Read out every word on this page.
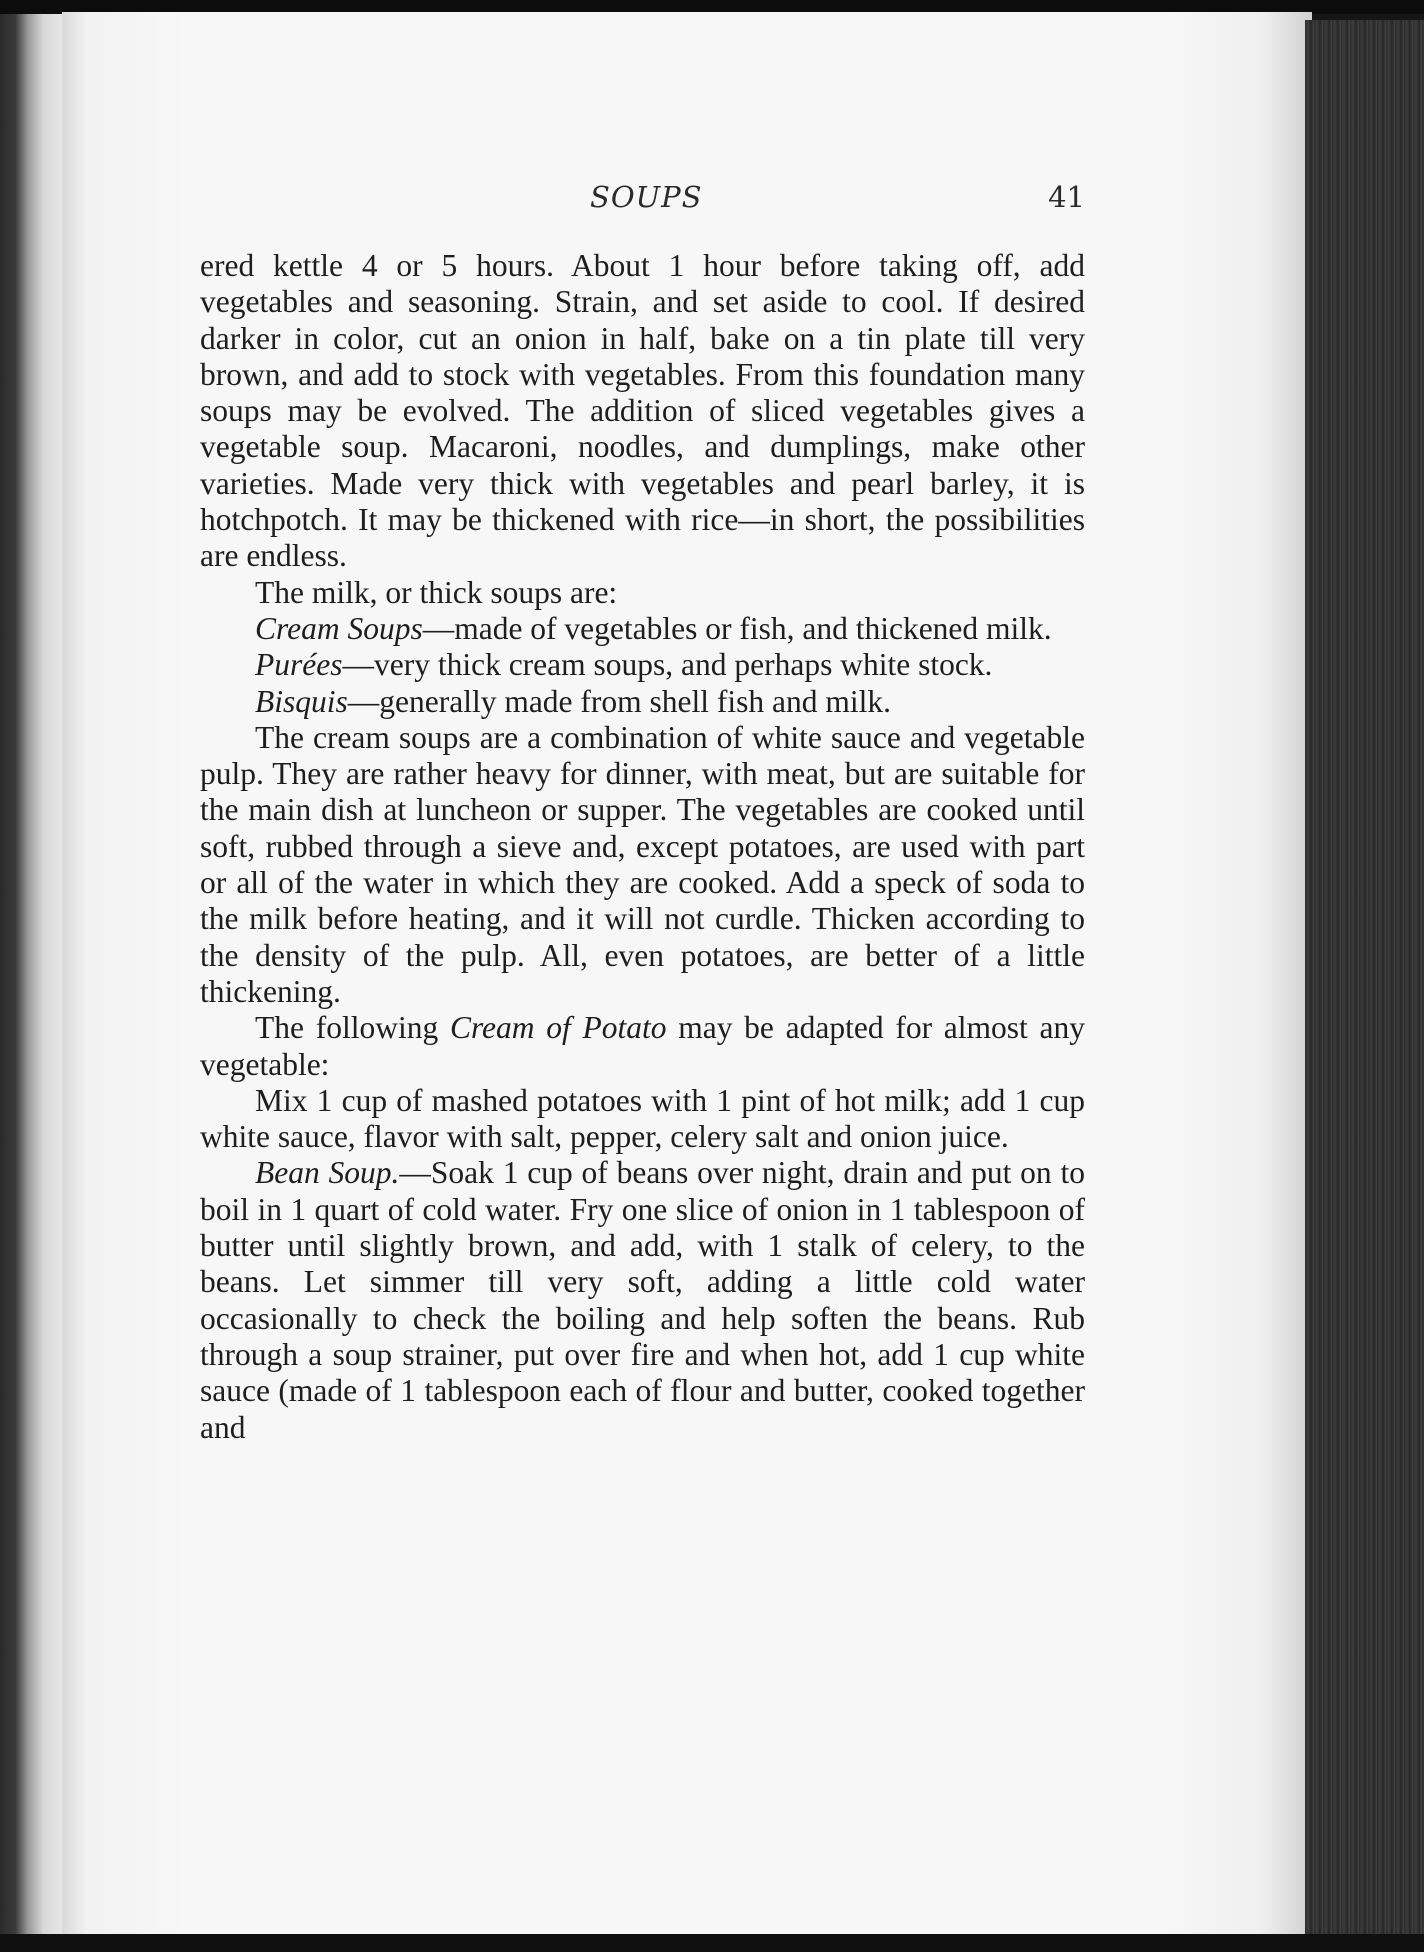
SOUPS	41

ered kettle 4 or 5 hours. About 1 hour before taking off, add vegetables and seasoning. Strain, and set aside to cool. If desired darker in color, cut an onion in half, bake on a tin plate till very brown, and add to stock with vegetables. From this foundation many soups may be evolved. The addition of sliced vegetables gives a vegetable soup. Macaroni, noodles, and dumplings, make other varieties. Made very thick with vegetables and pearl barley, it is hotchpotch. It may be thickened with rice—in short, the possibilities are endless.

The milk, or thick soups are:

Cream Soups—made of vegetables or fish, and thickened milk.

Purées—very thick cream soups, and perhaps white stock.

Bisquis—generally made from shell fish and milk.

The cream soups are a combination of white sauce and vegetable pulp. They are rather heavy for dinner, with meat, but are suitable for the main dish at luncheon or supper. The vegetables are cooked until soft, rubbed through a sieve and, except potatoes, are used with part or all of the water in which they are cooked. Add a speck of soda to the milk before heating, and it will not curdle. Thicken according to the density of the pulp. All, even potatoes, are better of a little thickening.

The following Cream of Potato may be adapted for almost any vegetable:

Mix 1 cup of mashed potatoes with 1 pint of hot milk; add 1 cup white sauce, flavor with salt, pepper, celery salt and onion juice.

Bean Soup.—Soak 1 cup of beans over night, drain and put on to boil in 1 quart of cold water. Fry one slice of onion in 1 tablespoon of butter until slightly brown, and add, with 1 stalk of celery, to the beans. Let simmer till very soft, adding a little cold water occasionally to check the boiling and help soften the beans. Rub through a soup strainer, put over fire and when hot, add 1 cup white sauce (made of 1 tablespoon each of flour and butter, cooked together and
